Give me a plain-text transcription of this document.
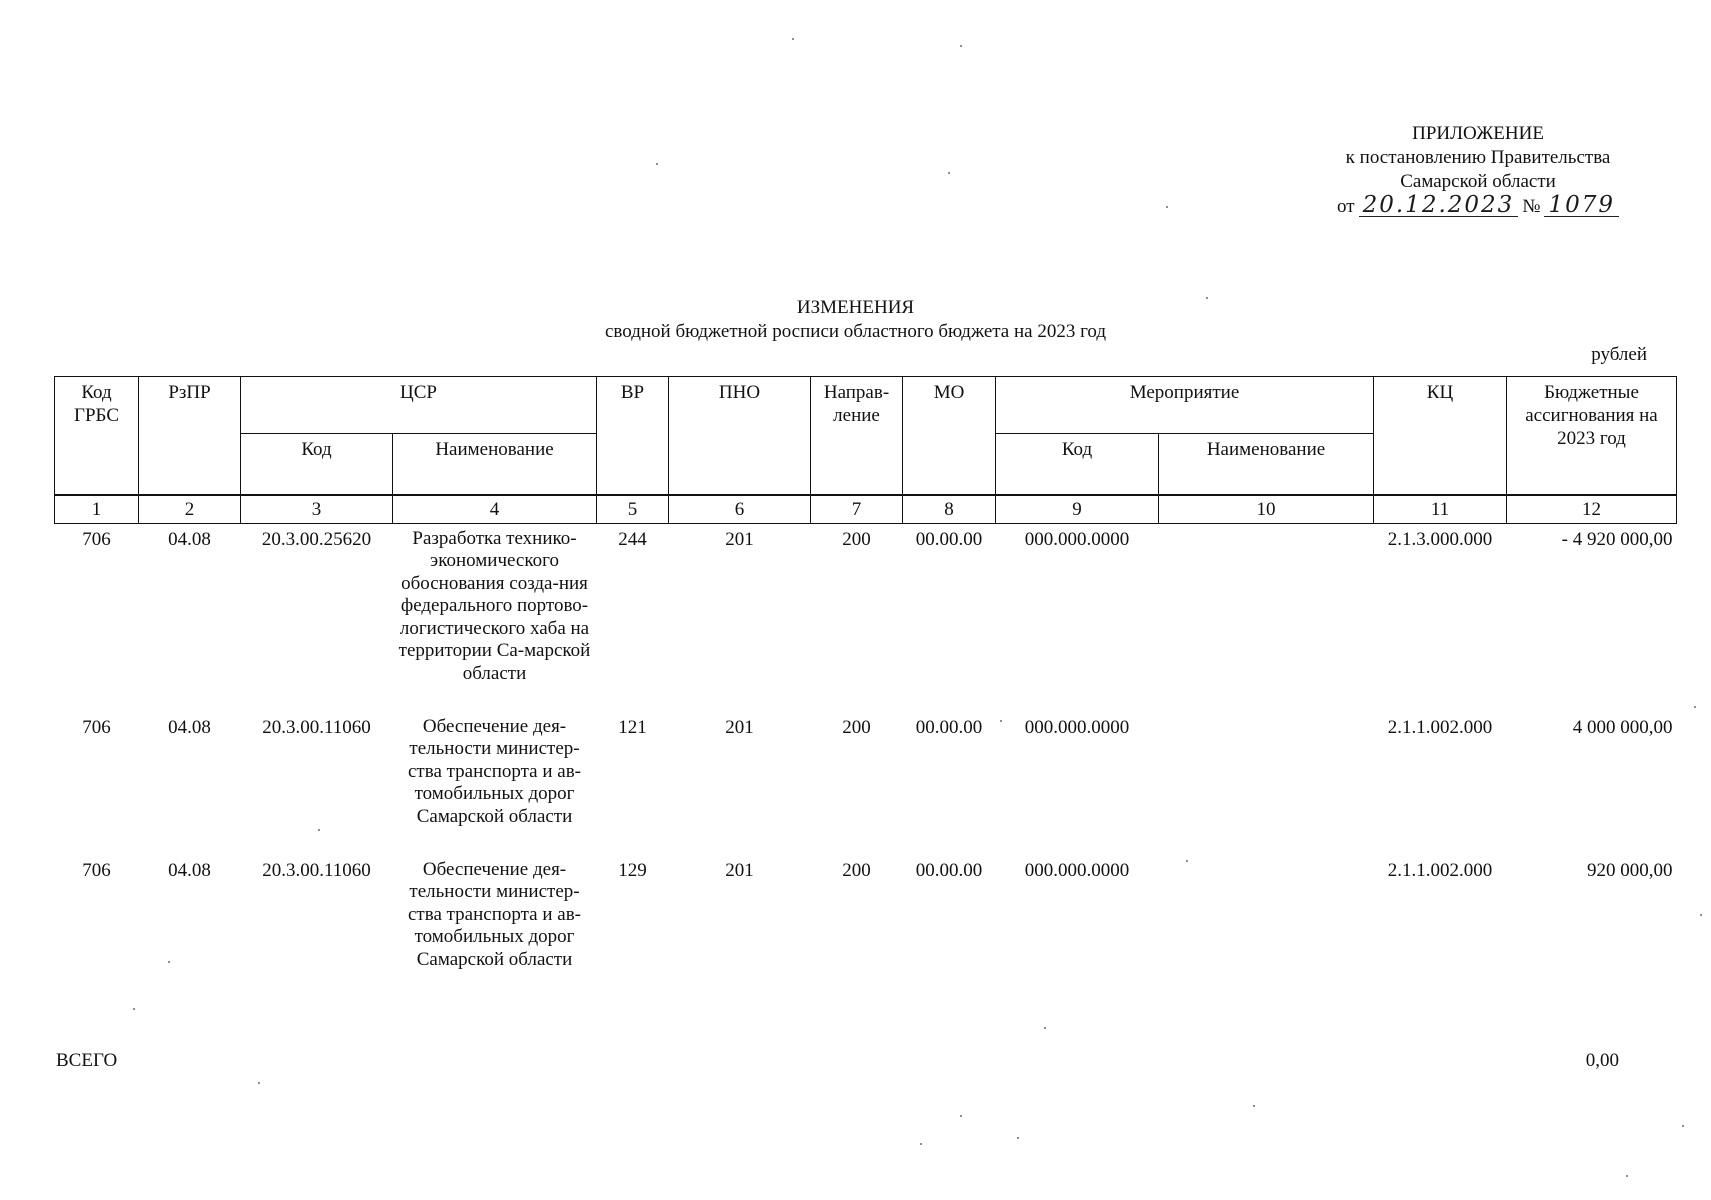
ПРИЛОЖЕНИЕ
к постановлению Правительства
Самарской области
от 20.12.2023 № 1079
ИЗМЕНЕНИЯ
сводной бюджетной росписи областного бюджета на 2023 год
рублей
Код ГРБС	РзПР	ЦСР		ВР	ПНО	Направ-ление	МО	Мероприятие		КЦ	Бюджетные ассигнования на 2023 год
		Код	Наименование					Код	Наименование		
1	2	3	4	5	6	7	8	9	10	11	12
706	04.08	20.3.00.25620	Разработка технико-экономического обоснования созда-ния федерального портово-логистического хаба на территории Са-марской области	244	201	200	00.00.00	000.000.0000		2.1.3.000.000	- 4 920 000,00
706	04.08	20.3.00.11060	Обеспечение дея-тельности министер-ства транспорта и ав-томобильных дорог Самарской области	121	201	200	00.00.00	000.000.0000		2.1.1.002.000	4 000 000,00
706	04.08	20.3.00.11060	Обеспечение дея-тельности министер-ства транспорта и ав-томобильных дорог Самарской области	129	201	200	00.00.00	000.000.0000		2.1.1.002.000	920 000,00
ВСЕГО	0,00
